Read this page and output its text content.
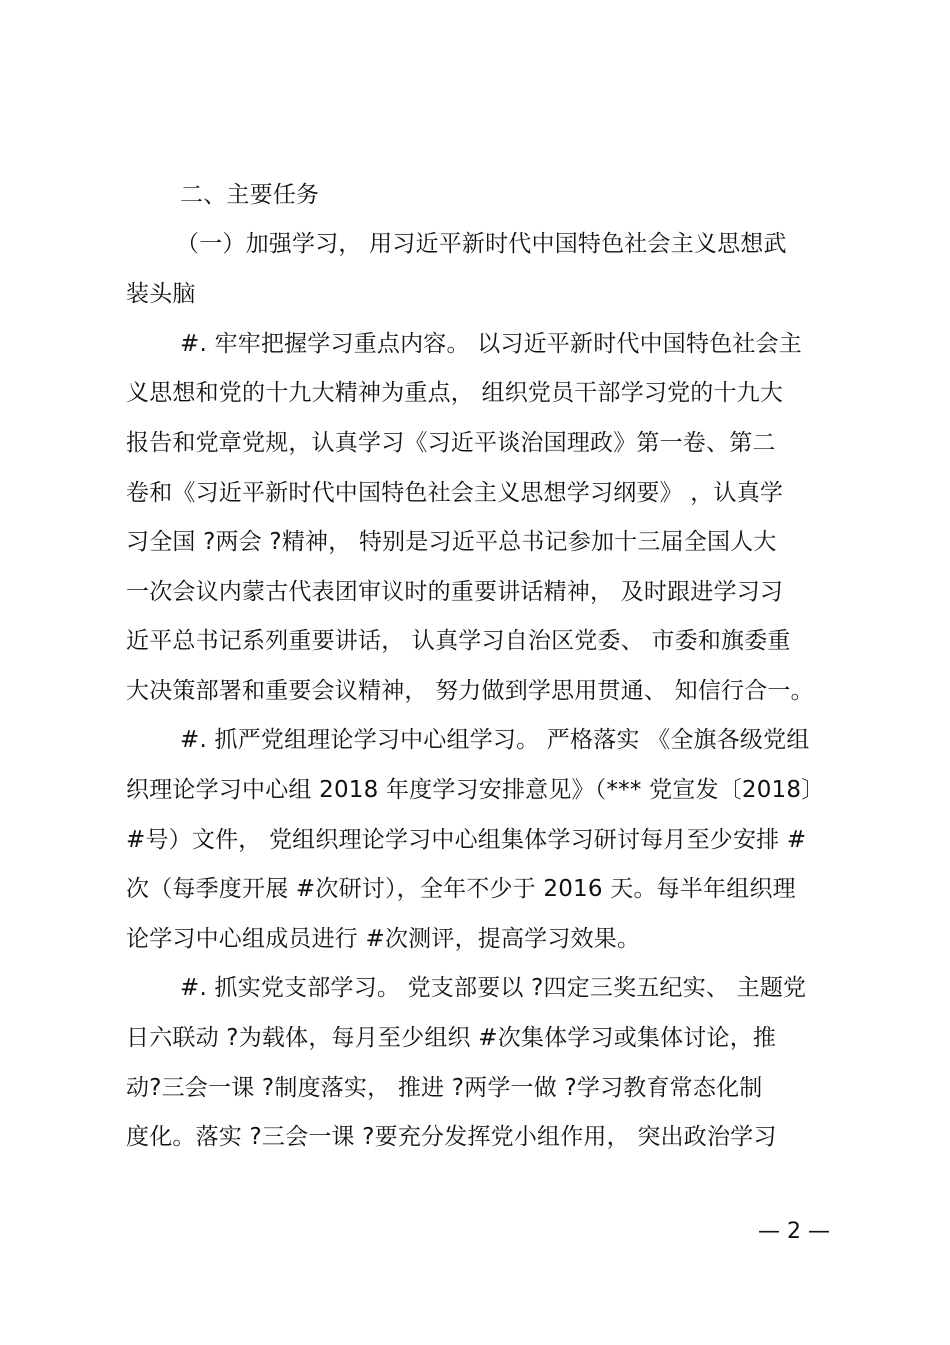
二、主要任务
（一）加强学习， 用习近平新时代中国特色社会主义思想武
装头脑
#. 牢牢把握学习重点内容。 以习近平新时代中国特色社会主
义思想和党的十九大精神为重点， 组织党员干部学习党的十九大
报告和党章党规，认真学习《习近平谈治国理政》第一卷、第二
卷和《习近平新时代中国特色社会主义思想学习纲要》 ，认真学
习全国 ?两会 ?精神， 特别是习近平总书记参加十三届全国人大
一次会议内蒙古代表团审议时的重要讲话精神， 及时跟进学习习
近平总书记系列重要讲话， 认真学习自治区党委、 市委和旗委重
大决策部署和重要会议精神， 努力做到学思用贯通、 知信行合一。
#. 抓严党组理论学习中心组学习。 严格落实 《全旗各级党组
织理论学习中心组 2018 年度学习安排意见》（*** 党宣发〔2018〕
#号）文件， 党组织理论学习中心组集体学习研讨每月至少安排 #
次（每季度开展 #次研讨），全年不少于 2016 天。每半年组织理
论学习中心组成员进行 #次测评，提高学习效果。
#. 抓实党支部学习。 党支部要以 ?四定三奖五纪实、 主题党
日六联动 ?为载体，每月至少组织 #次集体学习或集体讨论，推
动?三会一课 ?制度落实， 推进 ?两学一做 ?学习教育常态化制
度化。落实 ?三会一课 ?要充分发挥党小组作用， 突出政治学习
— 2 —
